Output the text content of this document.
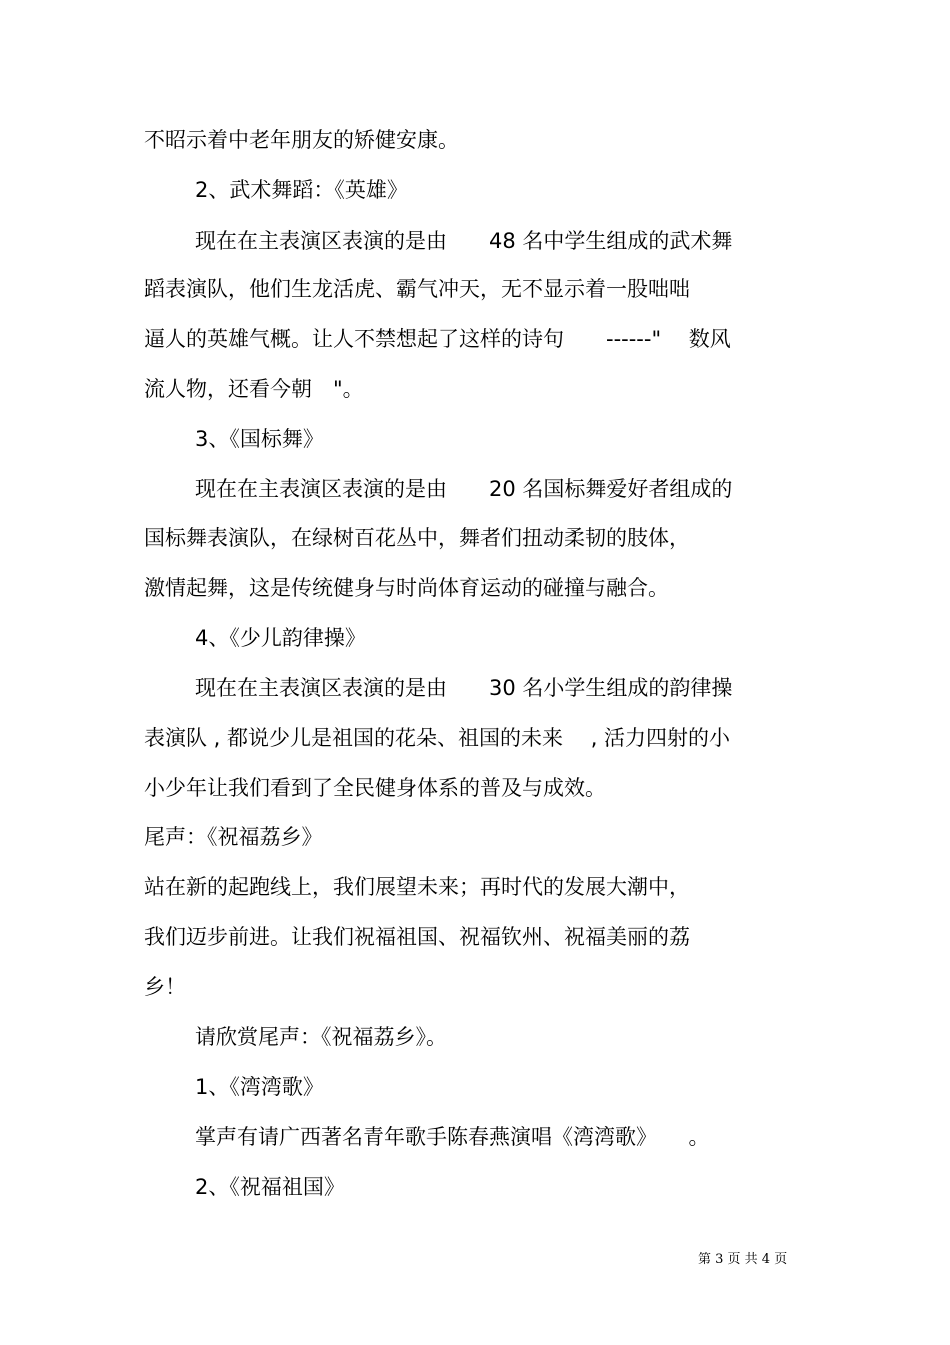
不昭示着中老年朋友的矫健安康。
2、武术舞蹈：《英雄》
现在在主表演区表演的是由　　48 名中学生组成的武术舞
蹈表演队，他们生龙活虎、霸气冲天，无不显示着一股咄咄
逼人的英雄气概。让人不禁想起了这样的诗句　　------"　 数风
流人物，还看今朝　"。
3、《国标舞》
现在在主表演区表演的是由　　20 名国标舞爱好者组成的
国标舞表演队，在绿树百花丛中，舞者们扭动柔韧的肢体，
激情起舞，这是传统健身与时尚体育运动的碰撞与融合。
4、《少儿韵律操》
现在在主表演区表演的是由　　30 名小学生组成的韵律操
表演队 , 都说少儿是祖国的花朵、祖国的未来　 , 活力四射的小
小少年让我们看到了全民健身体系的普及与成效。
尾声：《祝福荔乡》
站在新的起跑线上，我们展望未来；再时代的发展大潮中，
我们迈步前进。让我们祝福祖国、祝福钦州、祝福美丽的荔
乡！
请欣赏尾声：《祝福荔乡》。
1、《湾湾歌》
掌声有请广西著名青年歌手陈春燕演唱《湾湾歌》　　。
2、《祝福祖国》
第 3 页 共 4 页
